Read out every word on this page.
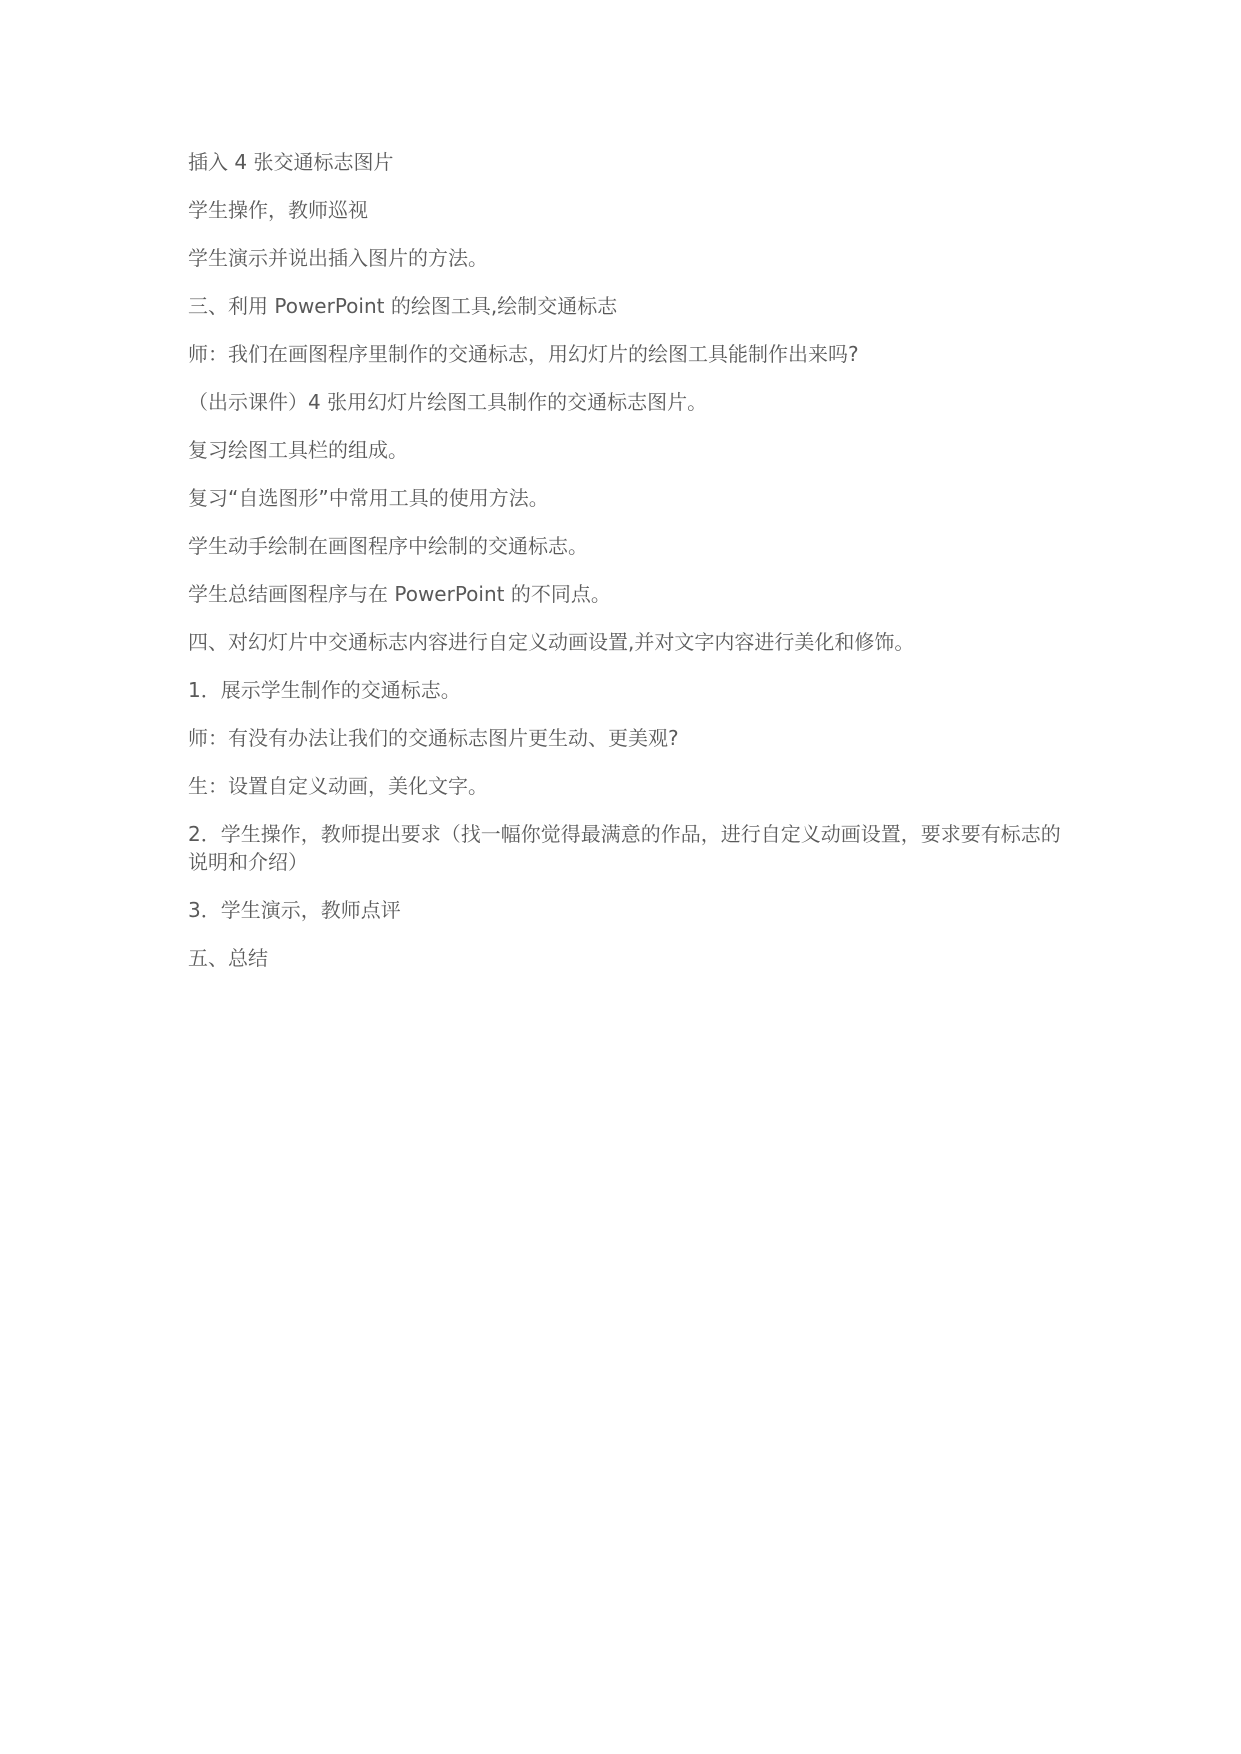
插入 4 张交通标志图片

学生操作，教师巡视

学生演示并说出插入图片的方法。

三、利用 PowerPoint 的绘图工具,绘制交通标志

师：我们在画图程序里制作的交通标志，用幻灯片的绘图工具能制作出来吗?

（出示课件）4 张用幻灯片绘图工具制作的交通标志图片。

复习绘图工具栏的组成。

复习“自选图形”中常用工具的使用方法。

学生动手绘制在画图程序中绘制的交通标志。

学生总结画图程序与在 PowerPoint 的不同点。

四、对幻灯片中交通标志内容进行自定义动画设置,并对文字内容进行美化和修饰。

1．展示学生制作的交通标志。

师：有没有办法让我们的交通标志图片更生动、更美观?

生：设置自定义动画，美化文字。

2．学生操作，教师提出要求（找一幅你觉得最满意的作品，进行自定义动画设置，要求要有标志的说明和介绍）

3．学生演示，教师点评

五、总结
